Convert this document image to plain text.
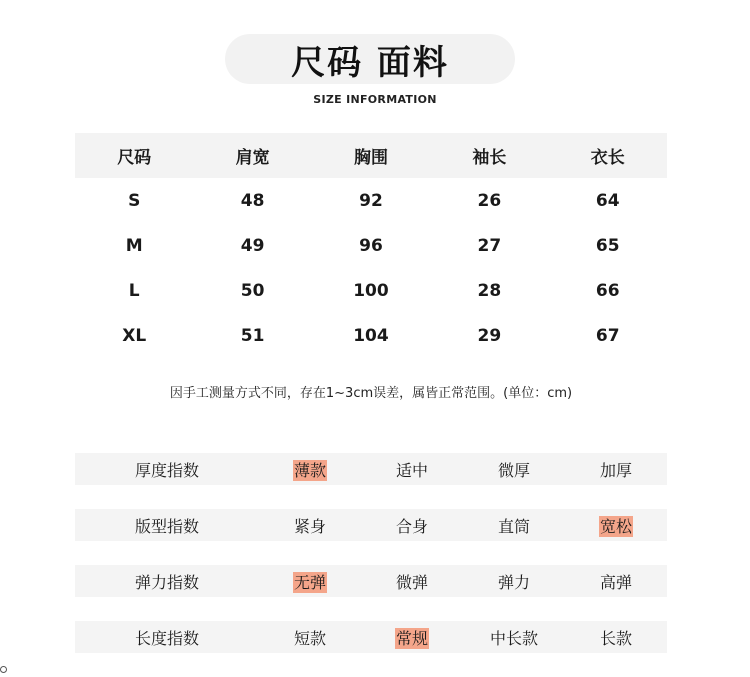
尺码 面料
SIZE INFORMATION
尺码	肩宽	胸围	袖长	衣长
S	48	92	26	64
M	49	96	27	65
L	50	100	28	66
XL	51	104	29	67
因手工测量方式不同，存在1~3cm误差，属皆正常范围。(单位：cm)
厚度指数	薄款	适中	微厚	加厚
版型指数	紧身	合身	直筒	宽松
弹力指数	无弹	微弹	弹力	高弹
长度指数	短款	常规	中长款	长款
